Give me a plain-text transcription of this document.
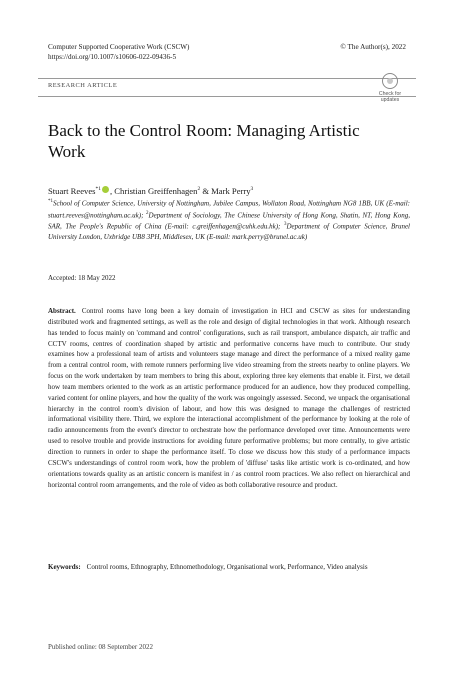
Computer Supported Cooperative Work (CSCW)	© The Author(s), 2022
https://doi.org/10.1007/s10606-022-09436-5
RESEARCH ARTICLE
Check for
updates
Back to the Control Room: Managing Artistic Work
Stuart Reeves$^{*1}$ , Christian Greiffenhagen$^2$ & Mark Perry$^3$
$^{*1}$School of Computer Science, University of Nottingham, Jubilee Campus, Wollaton Road, Nottingham NG8 1BB, UK (E-mail: stuart.reeves@nottingham.ac.uk); $^2$Department of Sociology, The Chinese University of Hong Kong, Shatin, NT, Hong Kong, SAR, The People's Republic of China (E-mail: c.greiffenhagen@cuhk.edu.hk); $^3$Department of Computer Science, Brunel University London, Uxbridge UB8 3PH, Middlesex, UK (E-mail: mark.perry@brunel.ac.uk)
Accepted: 18 May 2022
Abstract. Control rooms have long been a key domain of investigation in HCI and CSCW as sites for understanding distributed work and fragmented settings, as well as the role and design of digital technologies in that work. Although research has tended to focus mainly on 'command and control' configurations, such as rail transport, ambulance dispatch, air traffic and CCTV rooms, centres of coordination shaped by artistic and performative concerns have much to contribute. Our study examines how a professional team of artists and volunteers stage manage and direct the performance of a mixed reality game from a central control room, with remote runners performing live video streaming from the streets nearby to online players. We focus on the work undertaken by team members to bring this about, exploring three key elements that enable it. First, we detail how team members oriented to the work as an artistic performance produced for an audience, how they produced compelling, varied content for online players, and how the quality of the work was ongoingly assessed. Second, we unpack the organisational hierarchy in the control room's division of labour, and how this was designed to manage the challenges of restricted informational visibility there. Third, we explore the interactional accomplishment of the performance by looking at the role of radio announcements from the event's director to orchestrate how the performance developed over time. Announcements were used to resolve trouble and provide instructions for avoiding future performative problems; but more centrally, to give artistic direction to runners in order to shape the performance itself. To close we discuss how this study of a performance impacts CSCW's understandings of control room work, how the problem of 'diffuse' tasks like artistic work is co-ordinated, and how orientations towards quality as an artistic concern is manifest in / as control room practices. We also reflect on hierarchical and horizontal control room arrangements, and the role of video as both collaborative resource and product.
Keywords: Control rooms, Ethnography, Ethnomethodology, Organisational work, Performance, Video analysis
Published online: 08 September 2022
